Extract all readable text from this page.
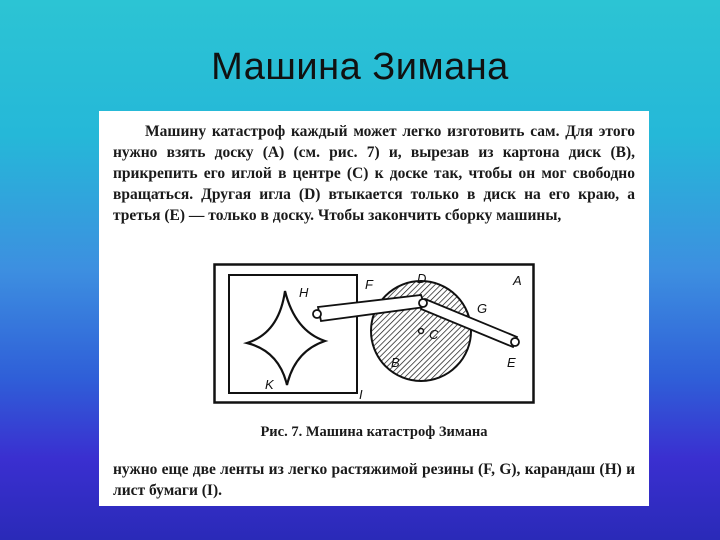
Машина Зимана

Машину катастроф каждый может легко изготовить сам. Для этого нужно взять доску (A) (см. рис. 7) и, вырезав из картона диск (B), прикрепить его иглой в центре (C) к доске так, чтобы он мог свободно вращаться. Другая игла (D) втыкается только в диск на его краю, а третья (E) — только в доску. Чтобы закончить сборку машины,

H
F	D	A
G
C
B	E
K
I
Рис. 7. Машина катастроф Зимана

нужно еще две ленты из легко растяжимой резины (F, G), карандаш (H) и лист бумаги (I).
